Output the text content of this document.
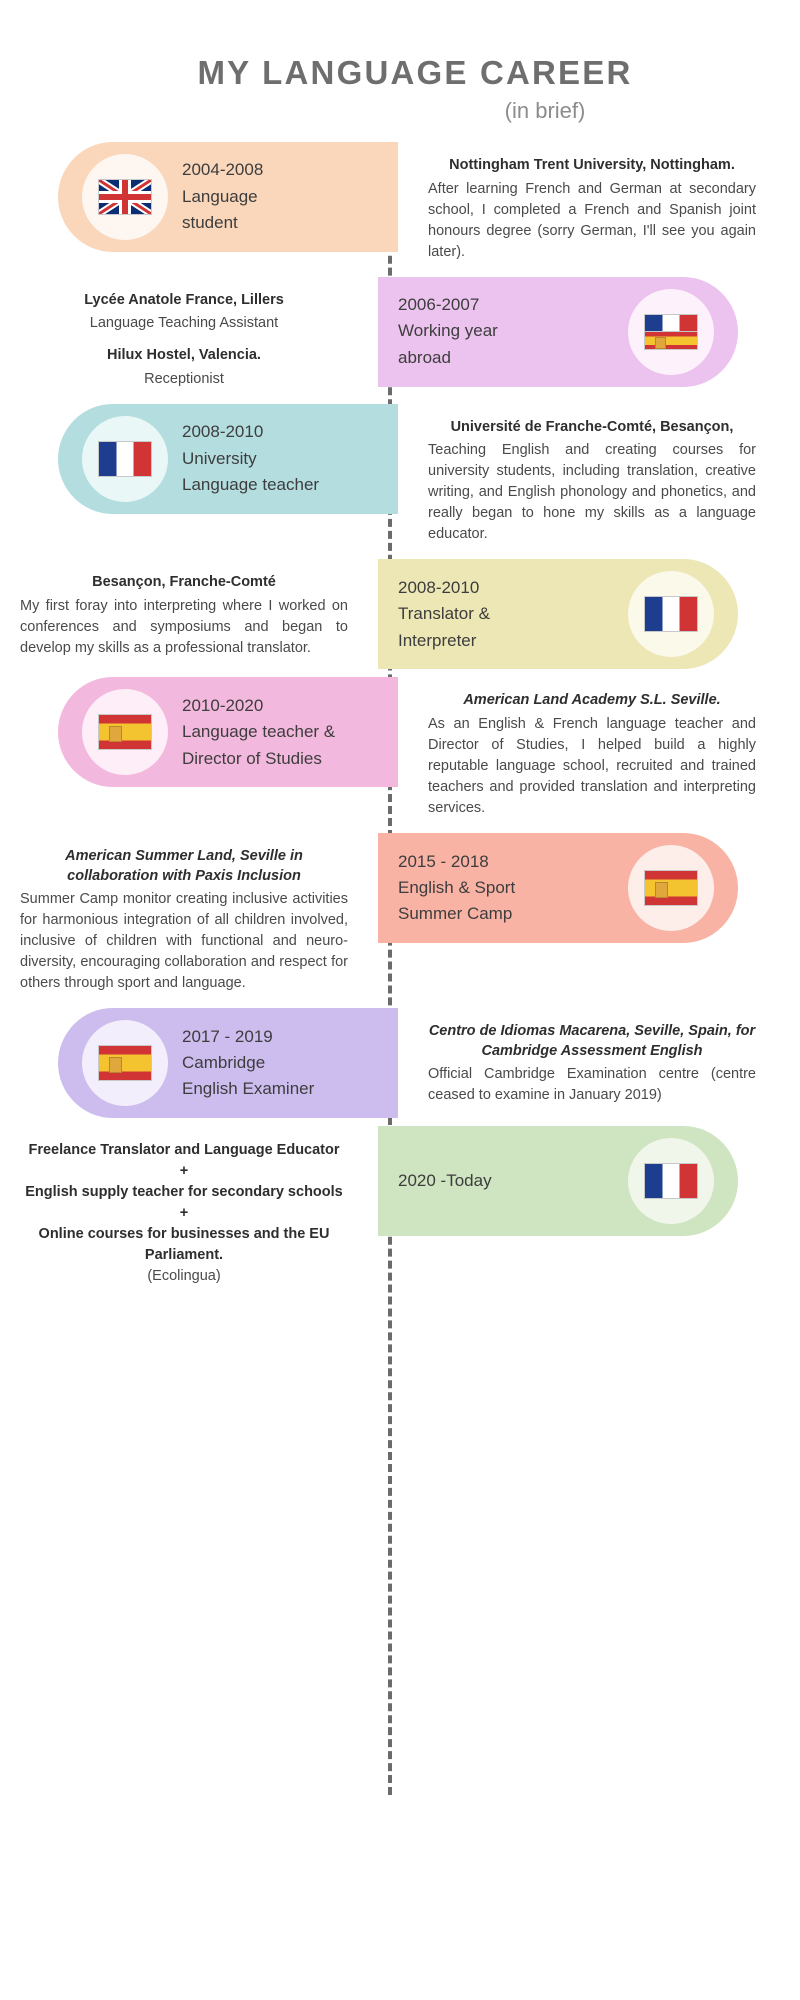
MY LANGUAGE CAREER
(in brief)
2004-2008
Language
student
Nottingham Trent University, Nottingham.
After learning French and German at secondary school, I completed a French and Spanish joint honours degree (sorry German, I'll see you again later).
Lycée Anatole France, Lillers
Language Teaching Assistant
Hilux Hostel, Valencia.
Receptionist
2006-2007
Working year
abroad
2008-2010
University
Language teacher
Université de Franche-Comté, Besançon,
Teaching English and creating courses for university students, including translation, creative writing, and English phonology and phonetics, and really began to hone my skills as a language educator.
Besançon, Franche-Comté
My first foray into interpreting where I worked on conferences and symposiums and began to develop my skills as a professional translator.
2008-2010
Translator &
Interpreter
2010-2020
Language teacher &
Director of Studies
American Land Academy S.L. Seville.
As an English & French language teacher and Director of Studies, I helped build a highly reputable language school, recruited and trained teachers and provided translation and interpreting services.
American Summer Land, Seville in collaboration with Paxis Inclusion
Summer Camp monitor creating inclusive activities for harmonious integration of all children involved, inclusive of children with functional and neuro- diversity, encouraging collaboration and respect for others through sport and language.
2015 - 2018
English & Sport
Summer Camp
2017 - 2019
Cambridge
English Examiner
Centro de Idiomas Macarena, Seville, Spain, for Cambridge Assessment English
Official Cambridge Examination centre (centre ceased to examine in January 2019)
Freelance Translator and Language Educator
+
English supply teacher for secondary schools
+
Online courses for businesses and the EU Parliament.
(Ecolingua)
2020 -Today
